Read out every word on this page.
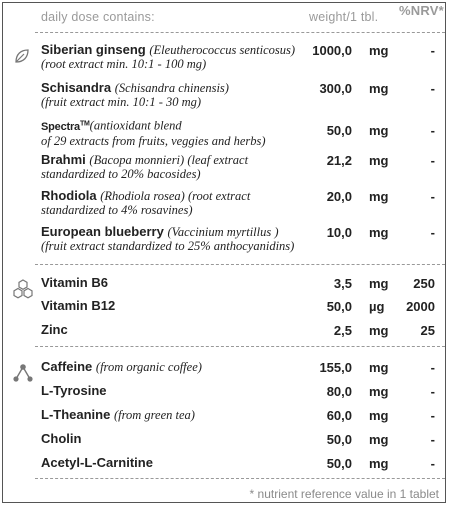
daily dose contains:	weight/1 tbl. %NRV*
Siberian ginseng (Eleutherococcus senticosus)
(root extract min. 10:1 - 100 mg)
1000,0 mg	-
Schisandra (Schisandra chinensis)
(fruit extract min. 10:1 - 30 mg)
300,0 mg	-
Spectra™(antioxidant blend
of 29 extracts from fruits, veggies and herbs)
50,0 mg	-
Brahmi (Bacopa monnieri) (leaf extract
standardized to 20% bacosides)
21,2 mg	-
Rhodiola (Rhodiola rosea) (root extract
standardized to 4% rosavines)
20,0 mg	-
European blueberry (Vaccinium myrtillus )
(fruit extract standardized to 25% anthocyanidins)
10,0 mg	-
Vitamin B6	3,5 mg 250
Vitamin B12	50,0 µg 2000
Zinc	2,5 mg 25
Caffeine (from organic coffee)	155,0 mg	-
L-Tyrosine	80,0 mg	-
L-Theanine (from green tea)	60,0 mg	-
Cholin	50,0 mg	-
Acetyl-L-Carnitine	50,0 mg	-
* nutrient reference value in 1 tablet
